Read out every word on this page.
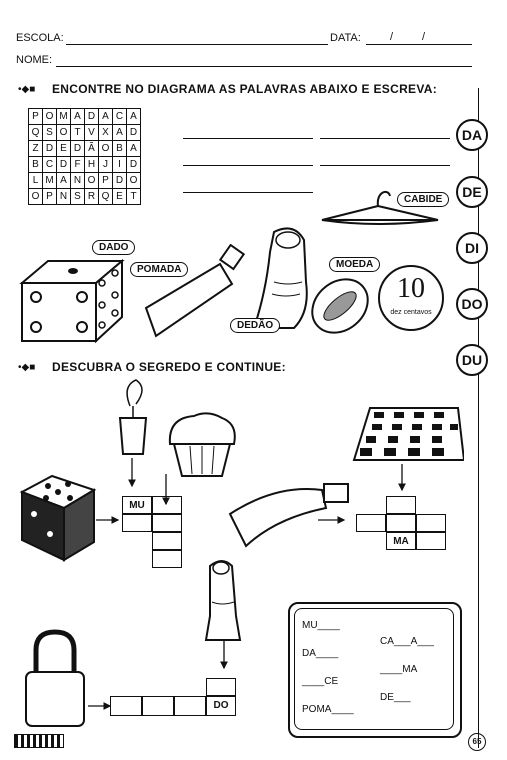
ESCOLA:	DATA:	/	/
NOME:
•◆■ ENCONTRE NO DIAGRAMA AS PALAVRAS ABAIXO E ESCREVA:
P	O	M	A	D	A	C	A
Q	S	O	T	V	X	A	D
Z	D	E	D	Ã	O	B	A
B	C	D	F	H	J	I	D
L	M	A	N	O	P	D	O
O	P	N	S	R	Q	E	T
DA
DE
DI
DO
DU
CABIDE
DADO
POMADA
DEDÃO
10
dez centavos
MOEDA
•◆■ DESCUBRA O SEGREDO E CONTINUE:
MU
MA
DO
MU____
DA____
____CE
POMA____
CA___A___
____MA
DE___
65
